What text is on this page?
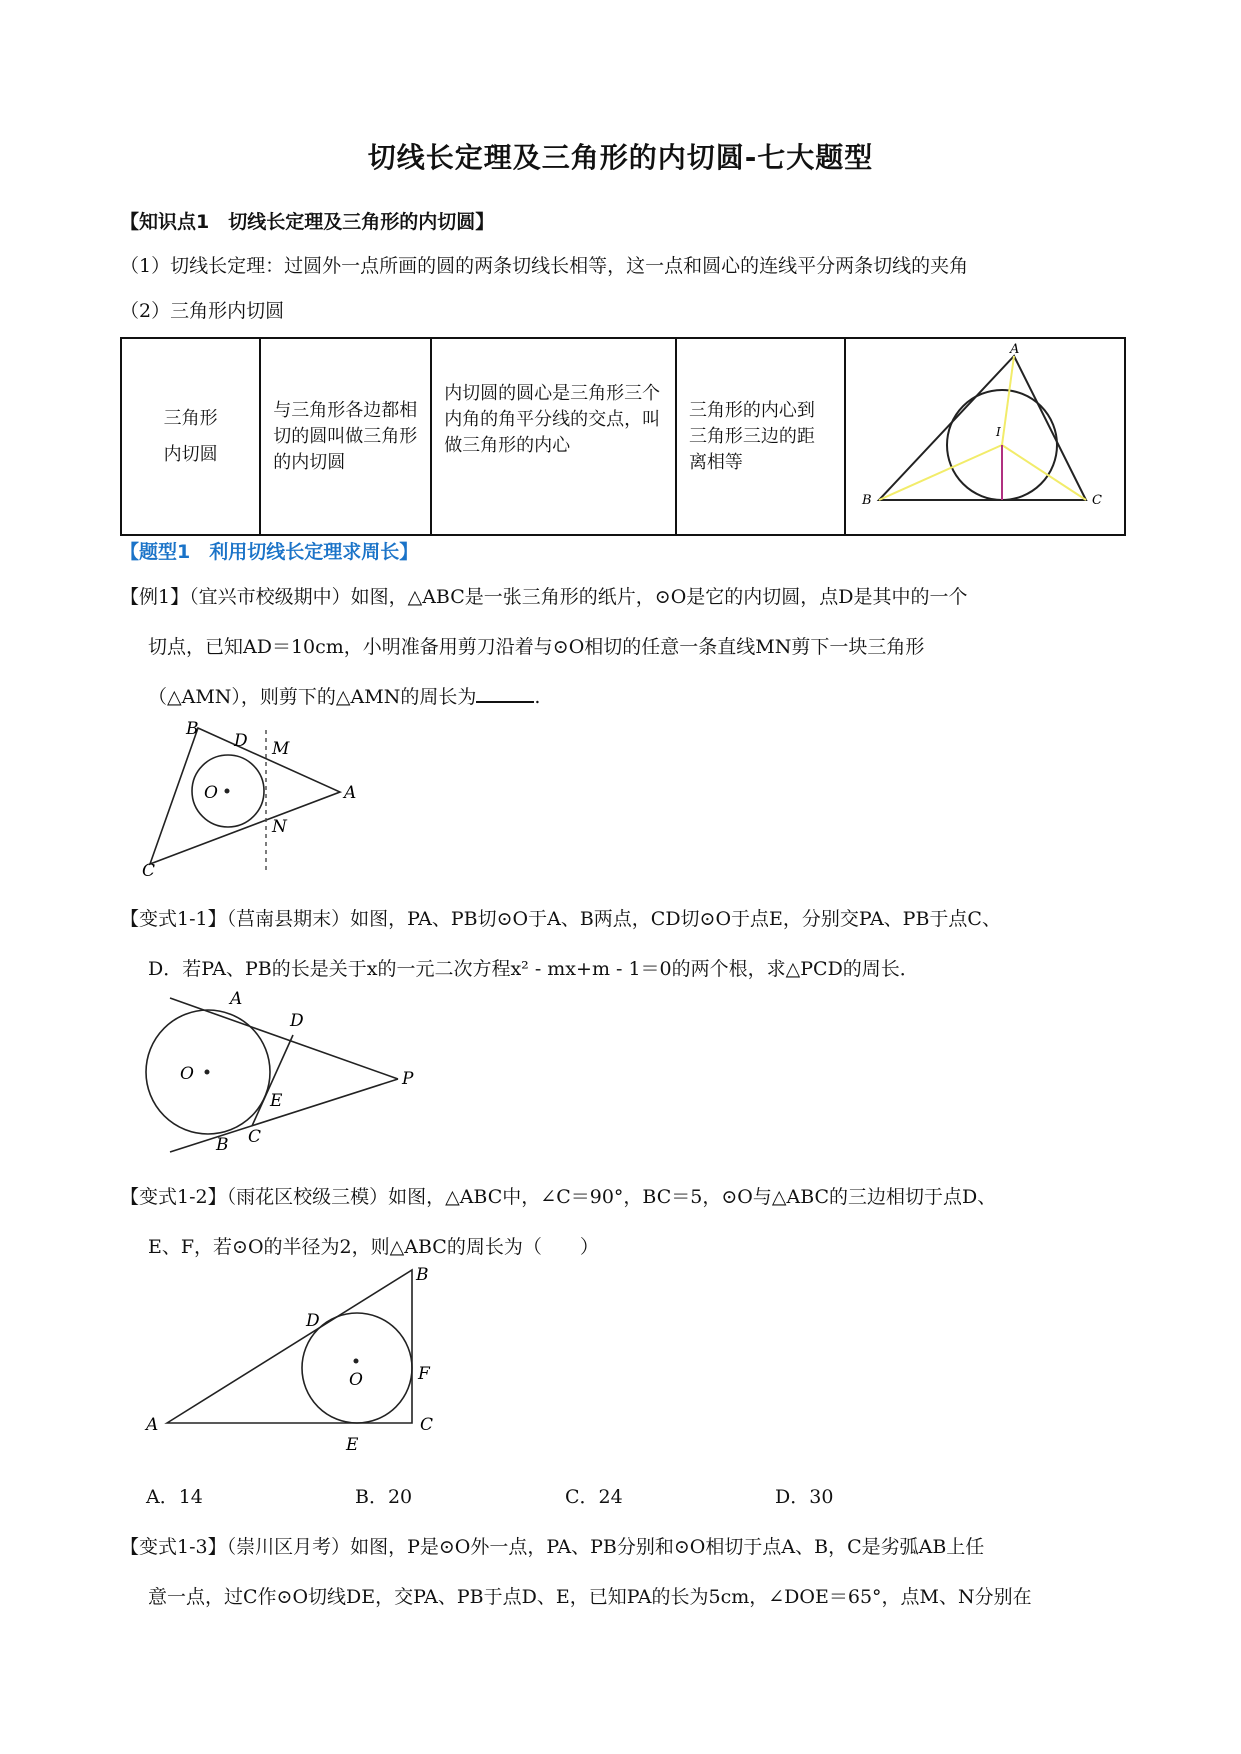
切线长定理及三角形的内切圆-七大题型
【知识点1　切线长定理及三角形的内切圆】
（1）切线长定理：过圆外一点所画的圆的两条切线长相等，这一点和圆心的连线平分两条切线的夹角
（2）三角形内切圆
三角形
内切圆
	与三角形各边都相切的圆叫做三角形的内切圆	内切圆的圆心是三角形三个内角的角平分线的交点，叫做三角形的内心	三角形的内心到三角形三边的距离相等	
A
B	C
I
【题型1　利用切线长定理求周长】
【例1】（宜兴市校级期中）如图，△ABC是一张三角形的纸片，⊙O是它的内切圆，点D是其中的一个
切点，已知AD＝10cm，小明准备用剪刀沿着与⊙O相切的任意一条直线MN剪下一块三角形
（△AMN），则剪下的△AMN的周长为	.
B
D M
O	A
N
C
【变式1-1】（莒南县期末）如图，PA、PB切⊙O于A、B两点，CD切⊙O于点E，分别交PA、PB于点C、
D．若PA、PB的长是关于x的一元二次方程x² - mx+m - 1＝0的两个根，求△PCD的周长．
A
D
O	P
E
B C
【变式1-2】（雨花区校级三模）如图，△ABC中，∠C＝90°，BC＝5，⊙O与△ABC的三边相切于点D、
E、F，若⊙O的半径为2，则△ABC的周长为（　　）
B
D
F
O
A	C
E
A．14	B．20	C．24	D．30
【变式1-3】（崇川区月考）如图，P是⊙O外一点，PA、PB分别和⊙O相切于点A、B，C是劣弧AB上任
意一点，过C作⊙O切线DE，交PA、PB于点D、E，已知PA的长为5cm，∠DOE＝65°，点M、N分别在
